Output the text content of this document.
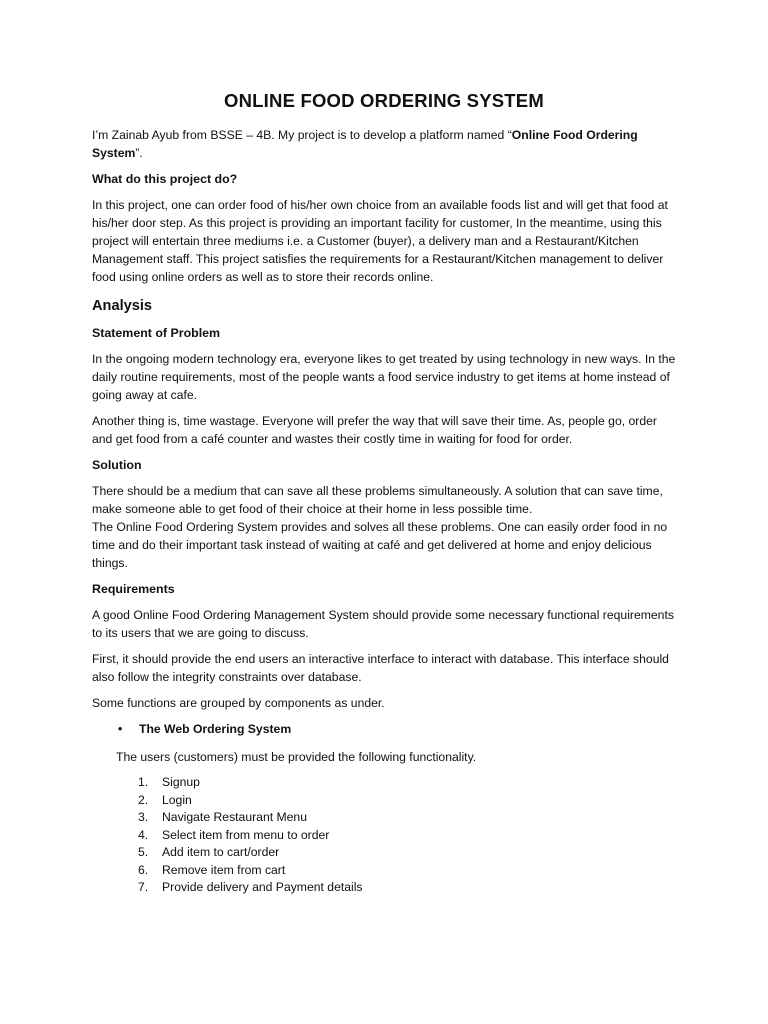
ONLINE FOOD ORDERING SYSTEM

I’m Zainab Ayub from BSSE – 4B. My project is to develop a platform named “Online Food Ordering System”.

What do this project do?

In this project, one can order food of his/her own choice from an available foods list and will get that food at his/her door step. As this project is providing an important facility for customer, In the meantime, using this project will entertain three mediums i.e. a Customer (buyer), a delivery man and a Restaurant/Kitchen Management staff. This project satisfies the requirements for a Restaurant/Kitchen management to deliver food using online orders as well as to store their records online.

Analysis
Statement of Problem

In the ongoing modern technology era, everyone likes to get treated by using technology in new ways. In the daily routine requirements, most of the people wants a food service industry to get items at home instead of going away at cafe.

Another thing is, time wastage. Everyone will prefer the way that will save their time. As, people go, order and get food from a café counter and wastes their costly time in waiting for food for order.

Solution

There should be a medium that can save all these problems simultaneously. A solution that can save time, make someone able to get food of their choice at their home in less possible time.

The Online Food Ordering System provides and solves all these problems. One can easily order food in no time and do their important task instead of waiting at café and get delivered at home and enjoy delicious things.

Requirements

A good Online Food Ordering Management System should provide some necessary functional requirements to its users that we are going to discuss.

First, it should provide the end users an interactive interface to interact with database. This interface should also follow the integrity constraints over database.

Some functions are grouped by components as under.

• The Web Ordering System

The users (customers) must be provided the following functionality.

1. Signup
2. Login
3. Navigate Restaurant Menu
4. Select item from menu to order
5. Add item to cart/order
6. Remove item from cart
7. Provide delivery and Payment details
